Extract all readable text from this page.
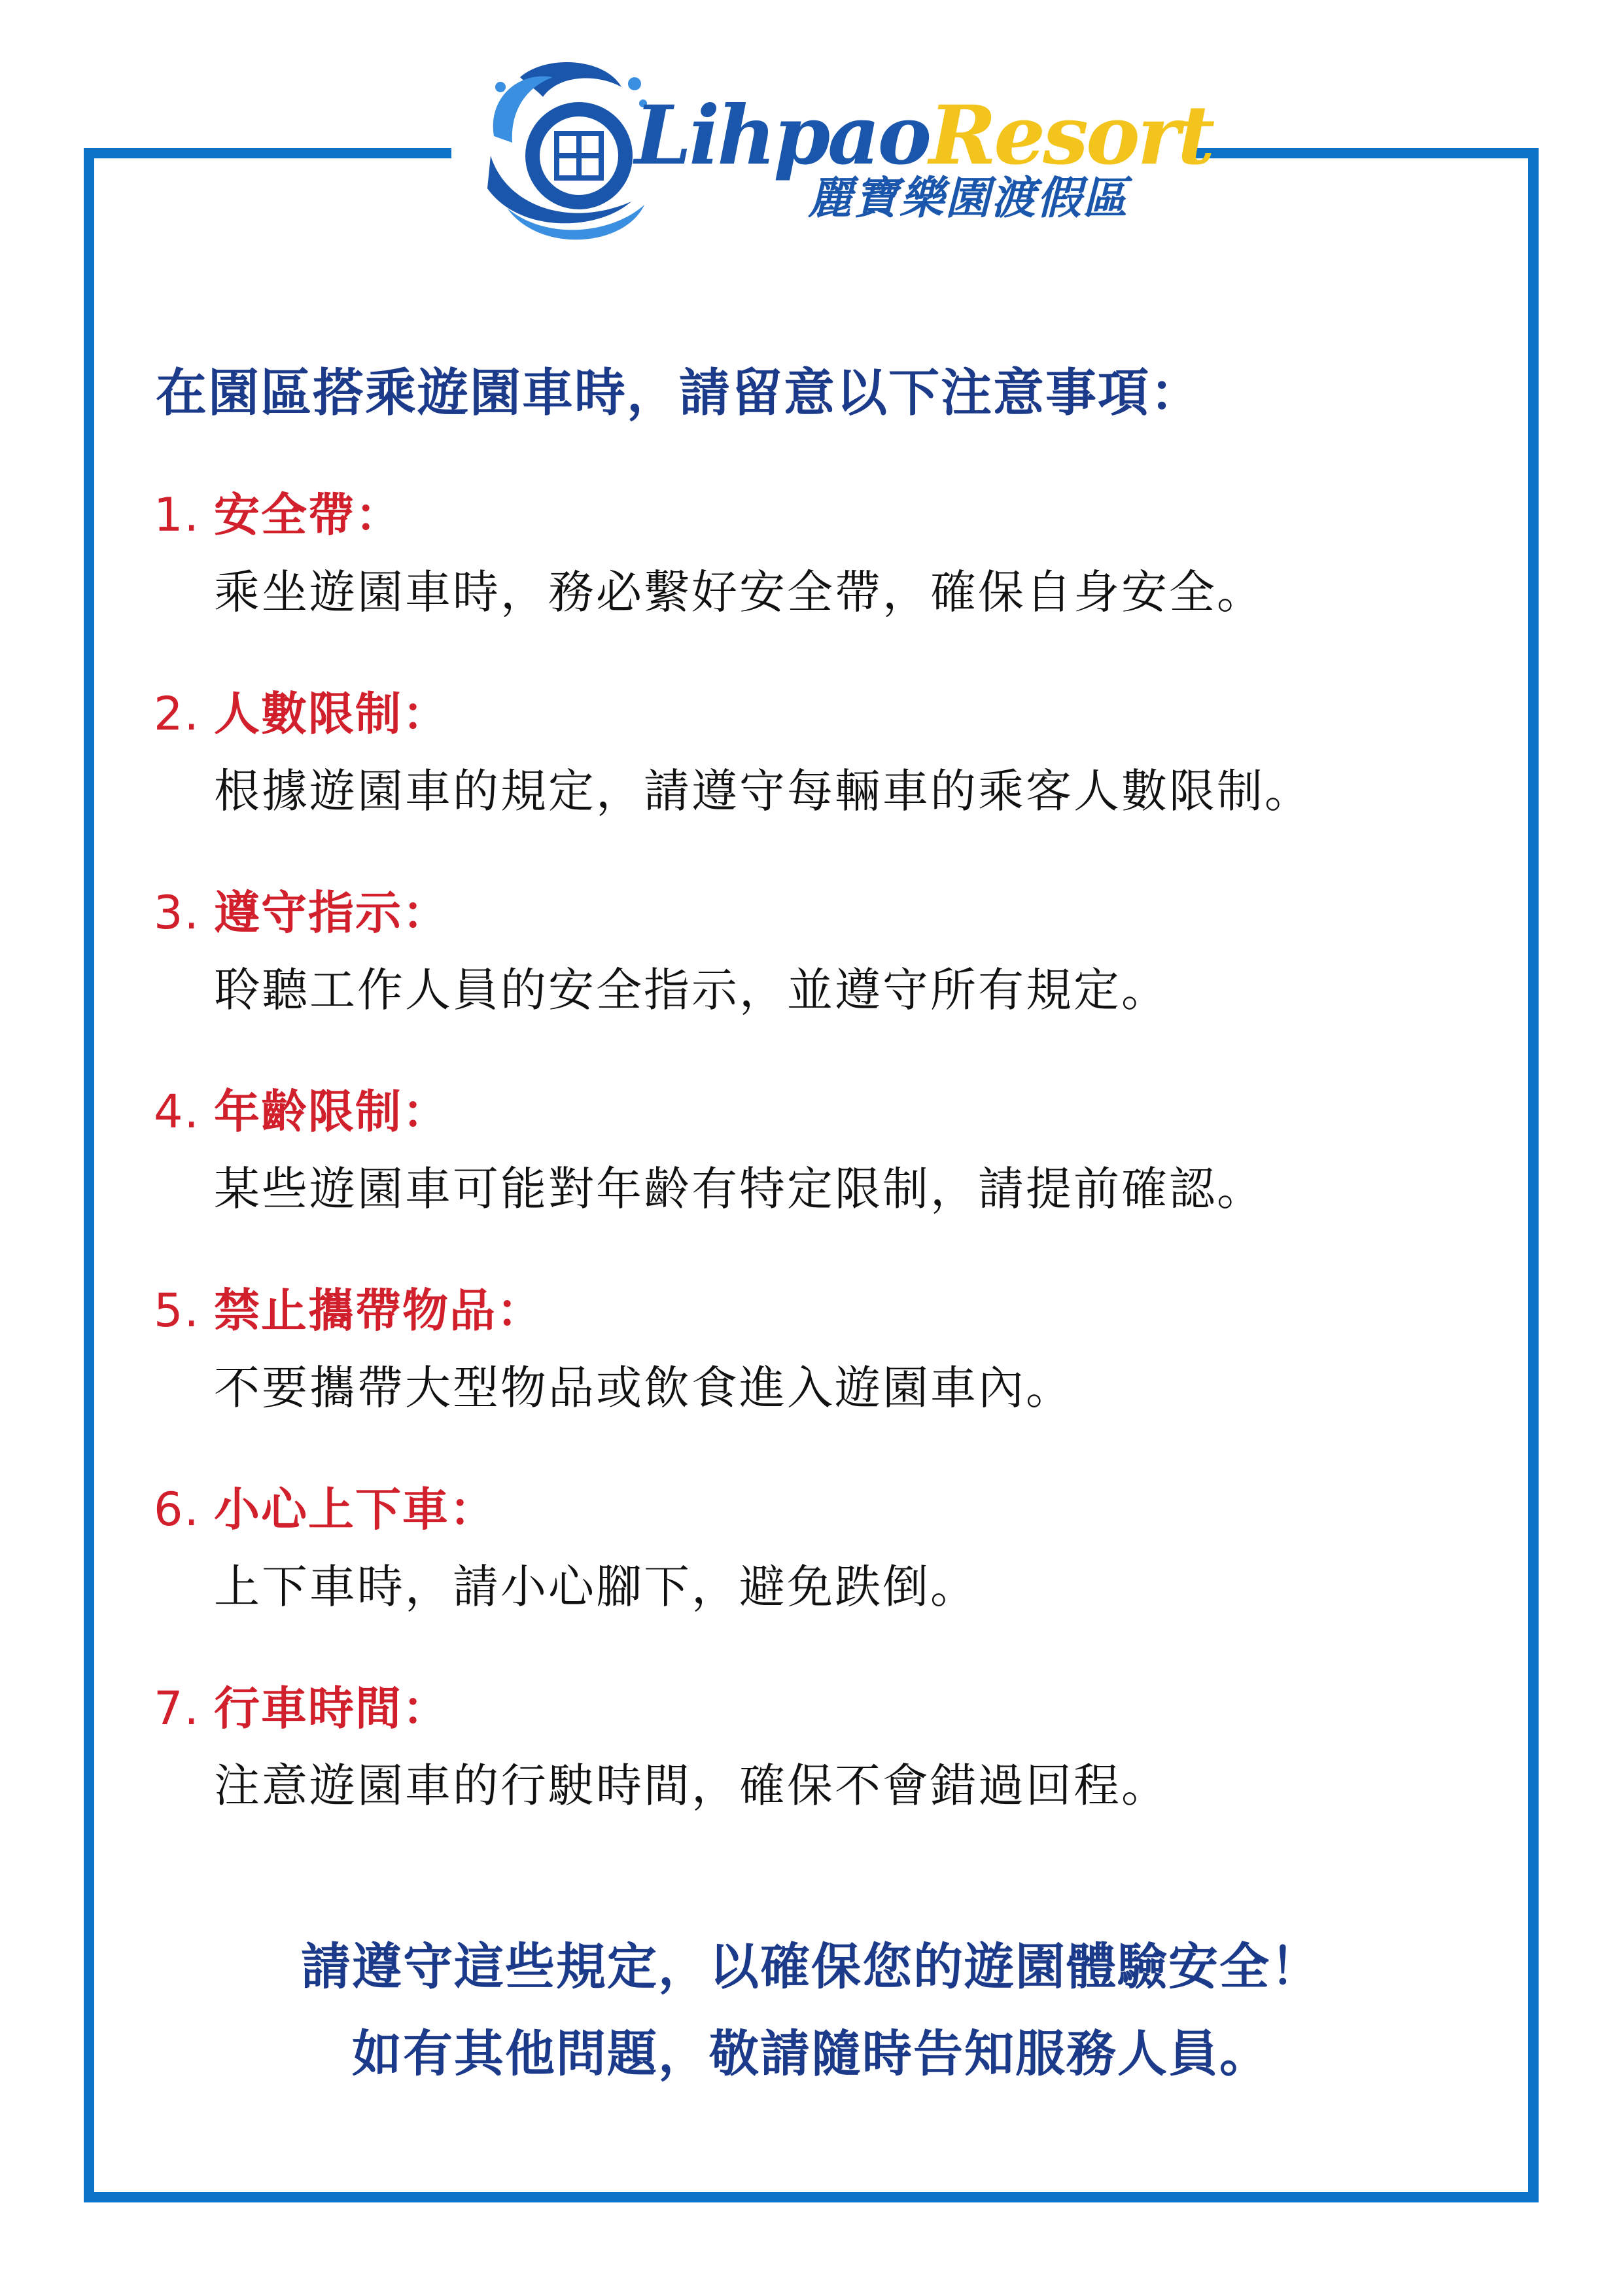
LihpaoResort
麗寶樂園渡假區
在園區搭乘遊園車時，請留意以下注意事項：
1. 安全帶：
乘坐遊園車時，務必繫好安全帶，確保自身安全。
2. 人數限制：
根據遊園車的規定，請遵守每輛車的乘客人數限制。
3. 遵守指示：
聆聽工作人員的安全指示，並遵守所有規定。
4. 年齡限制：
某些遊園車可能對年齡有特定限制，請提前確認。
5. 禁止攜帶物品：
不要攜帶大型物品或飲食進入遊園車內。
6. 小心上下車：
上下車時，請小心腳下，避免跌倒。
7. 行車時間：
注意遊園車的行駛時間，確保不會錯過回程。
請遵守這些規定，以確保您的遊園體驗安全！
如有其他問題，敬請隨時告知服務人員。
